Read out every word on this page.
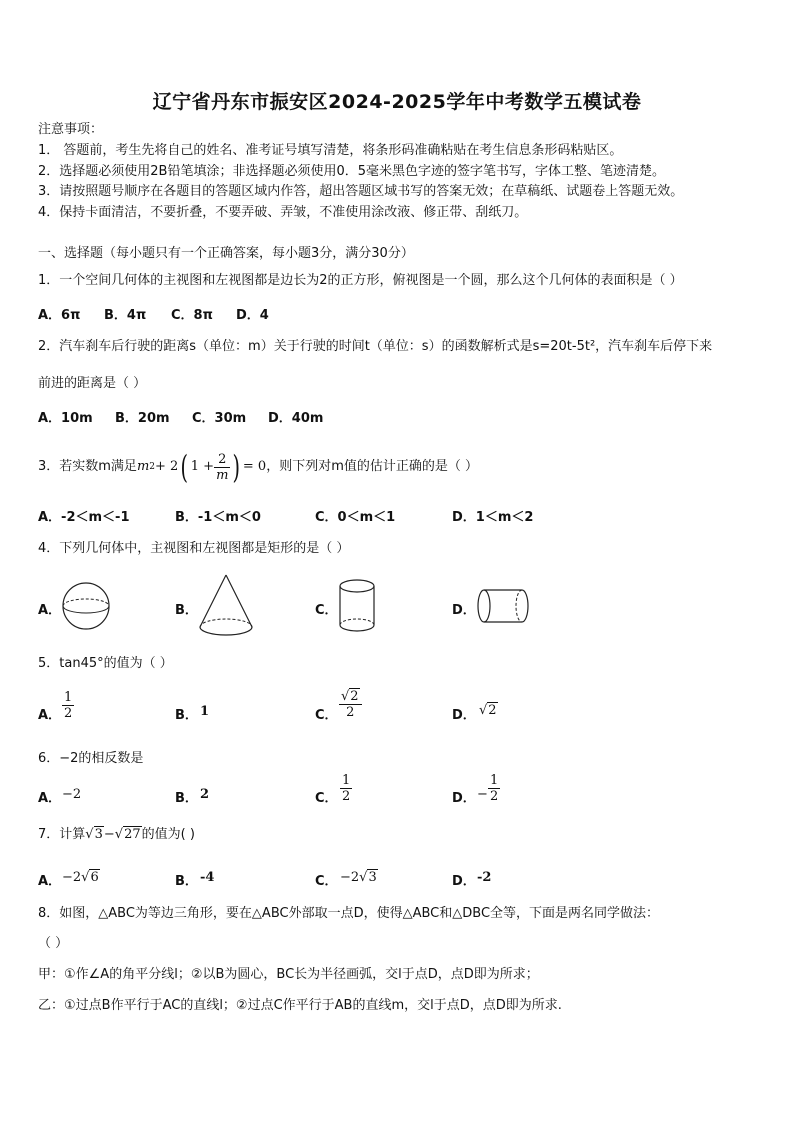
辽宁省丹东市振安区2024-2025学年中考数学五模试卷
注意事项：
1． 答题前，考生先将自己的姓名、准考证号填写清楚，将条形码准确粘贴在考生信息条形码粘贴区。
2．选择题必须使用2B铅笔填涂；非选择题必须使用0．5毫米黑色字迹的签字笔书写，字体工整、笔迹清楚。
3．请按照题号顺序在各题目的答题区域内作答，超出答题区域书写的答案无效；在草稿纸、试题卷上答题无效。
4．保持卡面清洁，不要折叠，不要弄破、弄皱，不准使用涂改液、修正带、刮纸刀。
一、选择题（每小题只有一个正确答案，每小题3分，满分30分）
1．一个空间几何体的主视图和左视图都是边长为2的正方形，俯视图是一个圆，那么这个几何体的表面积是（ ）
A．6π B．4π C．8π D．4
2．汽车刹车后行驶的距离s（单位：m）关于行驶的时间t（单位：s）的函数解析式是s=20t-5t²，汽车刹车后停下来
前进的距离是（ ）
A．10m B．20m C．30m D．40m
3．若实数m满足 m 2 + 2 ( $1 + \frac{2}{m}$ ) = 0 ，则下列对m值的估计正确的是（ ）
A．-2＜m＜-1	B．-1＜m＜0	C．0＜m＜1	D．1＜m＜2
4．下列几何体中，主视图和左视图都是矩形的是（ ）
A．	B．	C．	D．
5．tan45°的值为（ ）
A． $\frac{1}{2}$	B． 1	C． $\frac{√2}{2}$	D． √2
6．−2的相反数是
A． −2	B． 2	C． $\frac{1}{2}$	D． − $\frac{1}{2}$
7．计算√3−√27的值为( )
A． −2√6	B． -4	C． −2√3	D． -2
8．如图，△ABC为等边三角形，要在△ABC外部取一点D，使得△ABC和△DBC全等，下面是两名同学做法：
（ ）
甲：①作∠A的角平分线l；②以B为圆心，BC长为半径画弧，交l于点D，点D即为所求；
乙：①过点B作平行于AC的直线l；②过点C作平行于AB的直线m，交l于点D，点D即为所求.
